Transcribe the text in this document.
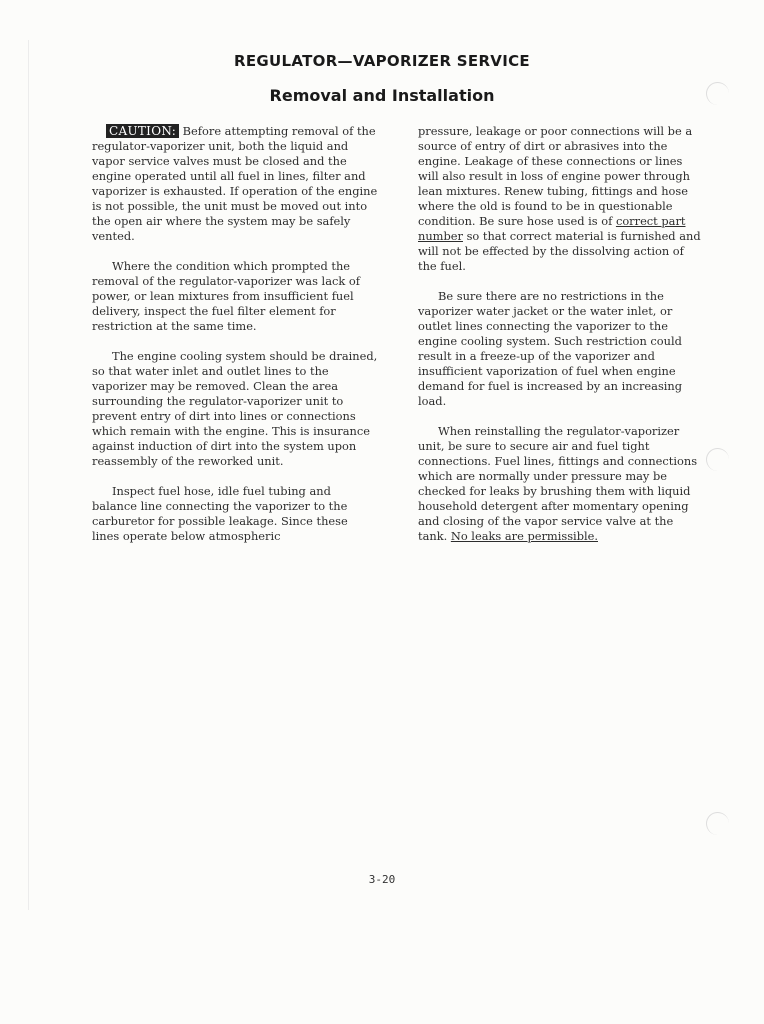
REGULATOR—VAPORIZER SERVICE
Removal and Installation

CAUTION: Before attempting removal of the regulator-vaporizer unit, both the liquid and vapor service valves must be closed and the engine operated until all fuel in lines, filter and vaporizer is exhausted. If operation of the engine is not possible, the unit must be moved out into the open air where the system may be safely vented.

Where the condition which prompted the removal of the regulator-vaporizer was lack of power, or lean mixtures from insufficient fuel delivery, inspect the fuel filter element for restriction at the same time.

The engine cooling system should be drained, so that water inlet and outlet lines to the vaporizer may be removed. Clean the area surrounding the regulator-vaporizer unit to prevent entry of dirt into lines or connections which remain with the engine. This is insurance against induction of dirt into the system upon reassembly of the reworked unit.

Inspect fuel hose, idle fuel tubing and balance line connecting the vaporizer to the carburetor for possible leakage. Since these lines operate below atmospheric

pressure, leakage or poor connections will be a source of entry of dirt or abrasives into the engine. Leakage of these connections or lines will also result in loss of engine power through lean mixtures. Renew tubing, fittings and hose where the old is found to be in questionable condition. Be sure hose used is of correct part number so that correct material is furnished and will not be effected by the dissolving action of the fuel.

Be sure there are no restrictions in the vaporizer water jacket or the water inlet, or outlet lines connecting the vaporizer to the engine cooling system. Such restriction could result in a freeze-up of the vaporizer and insufficient vaporization of fuel when engine demand for fuel is increased by an increasing load.

When reinstalling the regulator-vaporizer unit, be sure to secure air and fuel tight connections. Fuel lines, fittings and connections which are normally under pressure may be checked for leaks by brushing them with liquid household detergent after momentary opening and closing of the vapor service valve at the tank. No leaks are permissible.

3-20
